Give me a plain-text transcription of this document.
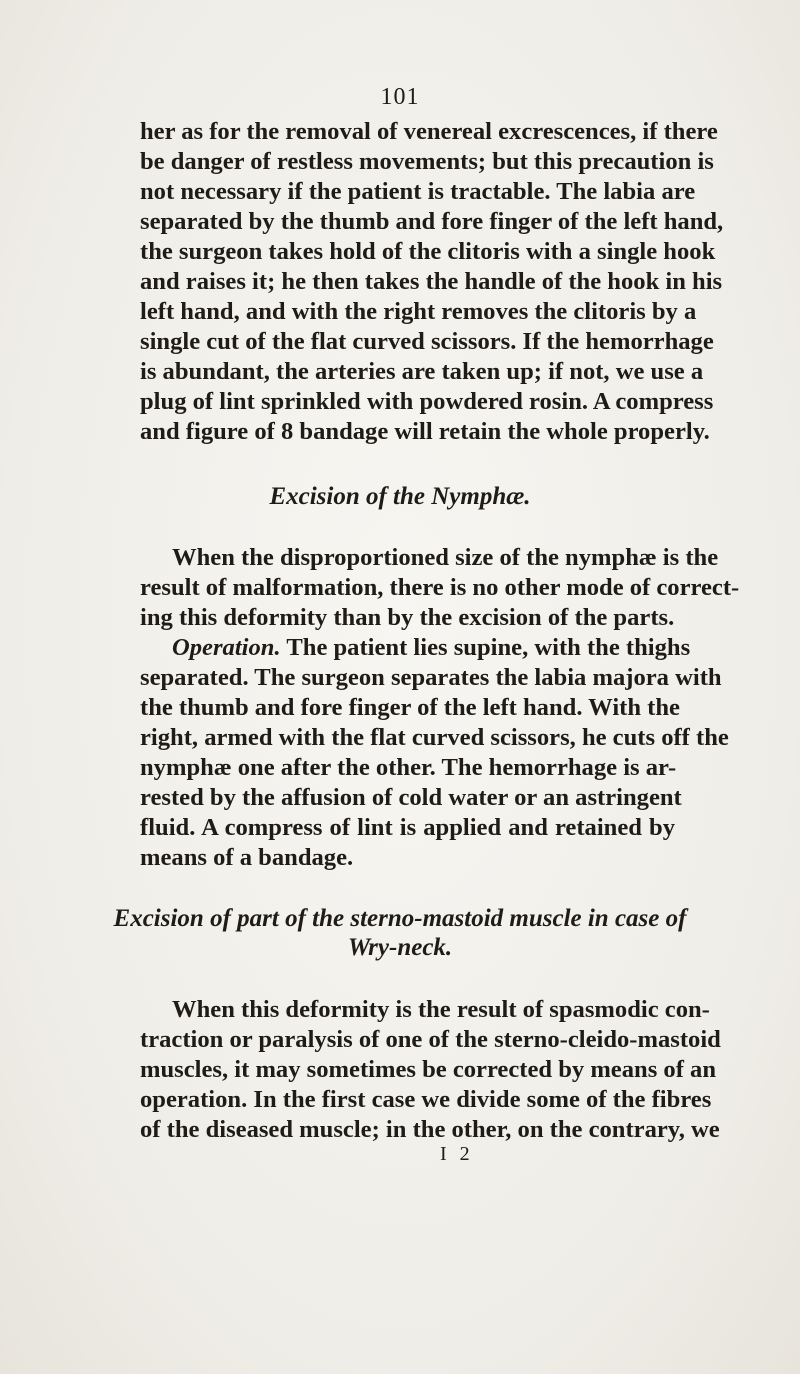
101
her as for the removal of venereal excrescences, if there
be danger of restless movements; but this precaution is
not necessary if the patient is tractable. The labia are
separated by the thumb and fore finger of the left hand,
the surgeon takes hold of the clitoris with a single hook
and raises it; he then takes the handle of the hook in his
left hand, and with the right removes the clitoris by a
single cut of the flat curved scissors. If the hemorrhage
is abundant, the arteries are taken up; if not, we use a
plug of lint sprinkled with powdered rosin. A compress
and figure of 8 bandage will retain the whole properly.
Excision of the Nymphæ.
When the disproportioned size of the nymphæ is the
result of malformation, there is no other mode of correct-
ing this deformity than by the excision of the parts.
Operation. The patient lies supine, with the thighs
separated. The surgeon separates the labia majora with
the thumb and fore finger of the left hand. With the
right, armed with the flat curved scissors, he cuts off the
nymphæ one after the other. The hemorrhage is ar-
rested by the affusion of cold water or an astringent
fluid. A compress of lint is applied and retained by
means of a bandage.
Excision of part of the sterno-mastoid muscle in case of
Wry-neck.
When this deformity is the result of spasmodic con-
traction or paralysis of one of the sterno-cleido-mastoid
muscles, it may sometimes be corrected by means of an
operation. In the first case we divide some of the fibres
of the diseased muscle; in the other, on the contrary, we
I 2
